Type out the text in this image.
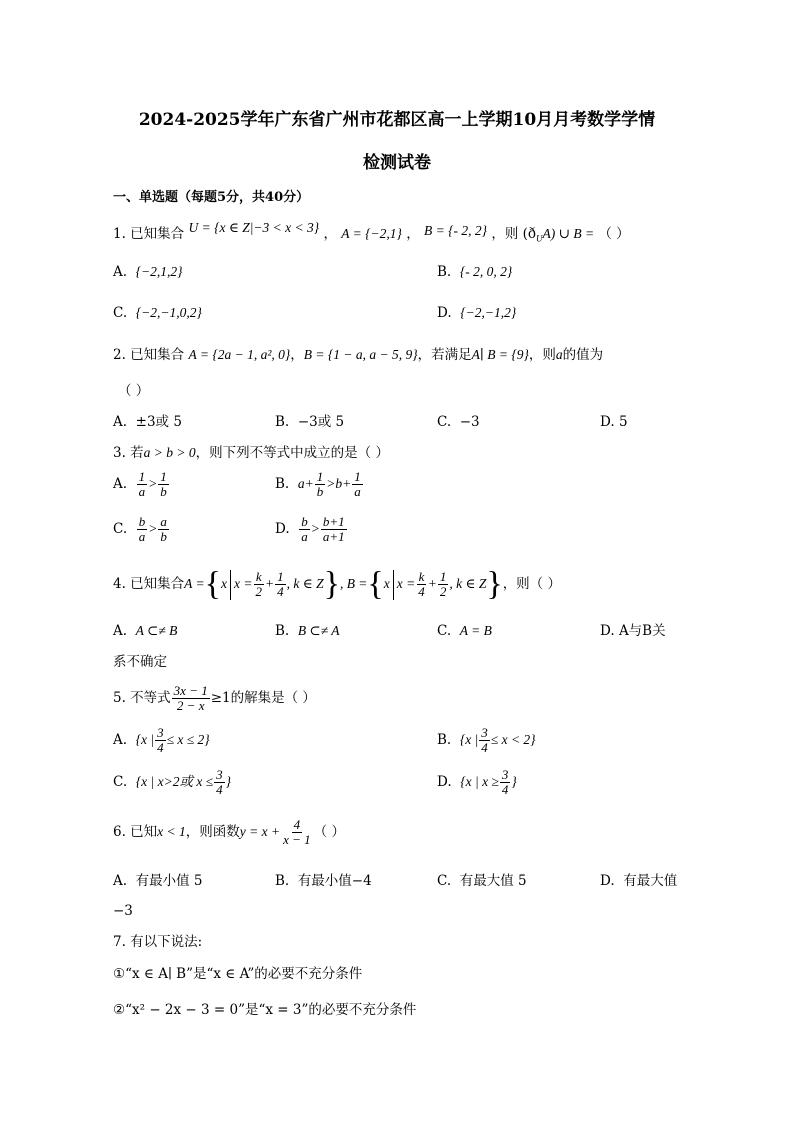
2024-2025学年广东省广州市花都区高一上学期10月月考数学学情
检测试卷
一、单选题（每题5分，共40分）
1. 已知集合 U = {x ∈ Z|−3 < x < 3} ， A = {−2,1} ， B = {- 2, 2} ，则 $(ð_UA)$ ∪ B = （ ）
A. {−2,1,2}	B. {- 2, 0, 2}
C. {−2,−1,0,2}	D. {−2,−1,2}
2. 已知集合 A = {2a − 1, a², 0}，B = {1 − a, a − 5, 9}，若满足A∣ B = {9}，则a的值为
（ ）
A. ±3或 5	B. −3或 5	C. −3	D. 5
3. 若a > b > 0，则下列不等式中成立的是（ ）
A. $\frac{1}{a} > \frac{1}{b}$	B. $a+ \frac{1}{b} >b+ \frac{1}{a}$
C. $\frac{b}{a} > \frac{a}{b}$	D. $\frac{b}{a} > \frac{b+1}{a+1}$
4. 已知集合A ={x $x = \frac{k}{2} + \frac{1}{4}$ , k ∈ Z}, B ={x $x = \frac{k}{4} + \frac{1}{2}$ , k ∈ Z}，则（ ）
A. A ⊂≠ B	B. B ⊂≠ A	C. A = B	D. A与B关
系不确定
5. 不等式 $\frac{3x - 1}{2 - x} \ge 1$的解集是（ ）
A. {x | $\frac{3}{4} \le x \le 2$}	B. {x | $\frac{3}{4} \le x < 2$}
C. {x | x>2或 $x \le \frac{3}{4}$ }	D. {x | $x \ge \frac{3}{4}$ }
6. 已知x < 1，则函数$y = x + \frac{4}{x - 1}$ （ ）
A. 有最小值 5	B. 有最小值−4	C. 有最大值 5	D. 有最大值
−3
7. 有以下说法:
①“x ∈ A∣ B”是“x ∈ A”的必要不充分条件
②“x² − 2x − 3 = 0”是“x = 3”的必要不充分条件
